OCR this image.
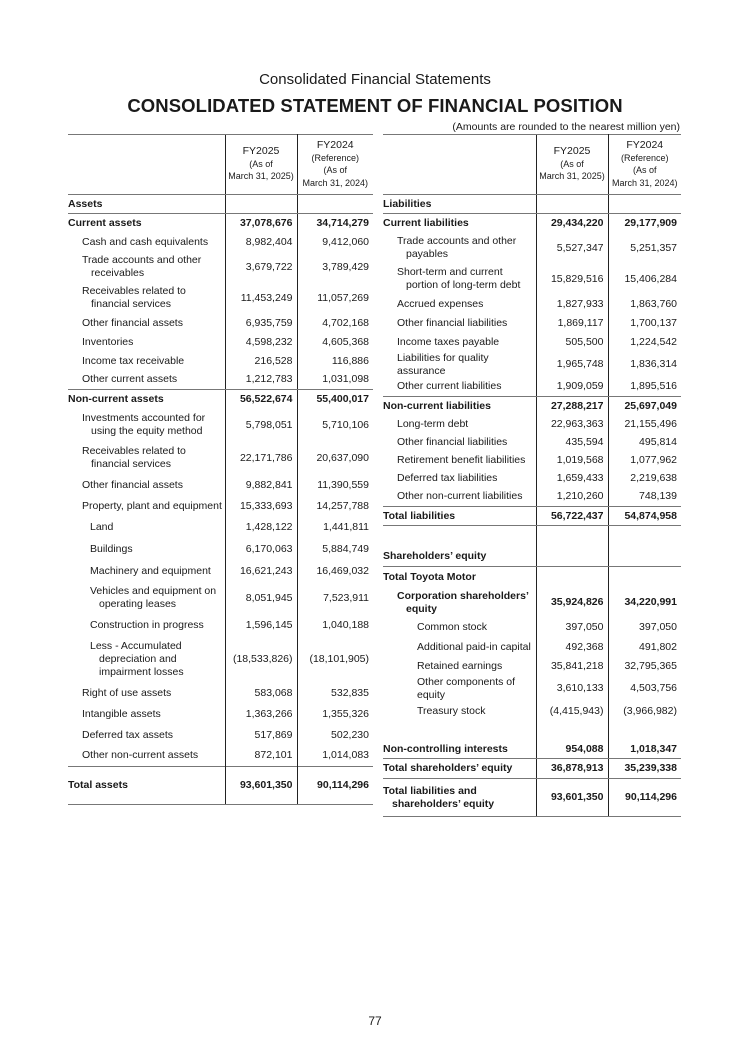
Consolidated Financial Statements
CONSOLIDATED STATEMENT OF FINANCIAL POSITION
(Amounts are rounded to the nearest million yen)

	FY2025
(As of
March 31, 2025)	FY2024
(Reference)
(As of
March 31, 2024)

Assets		
Current assets	37,078,676	34,714,279
Cash and cash equivalents	8,982,404	9,412,060

Trade accounts and other receivables	3,679,722	3,789,429

Receivables related to financial services	11,453,249	11,057,269
Other financial assets	6,935,759	4,702,168
Inventories	4,598,232	4,605,368
Income tax receivable	216,528	116,886
Other current assets	1,212,783	1,031,098
Non-current assets	56,522,674	55,400,017

Investments accounted for using the equity method	5,798,051	5,710,106

Receivables related to financial services	22,171,786	20,637,090
Other financial assets	9,882,841	11,390,559
Property, plant and equipment	15,333,693	14,257,788
Land	1,428,122	1,441,811
Buildings	6,170,063	5,884,749
Machinery and equipment	16,621,243	16,469,032

Vehicles and equipment on operating leases	8,051,945	7,523,911
Construction in progress	1,596,145	1,040,188

Less - Accumulated depreciation and impairment losses	(18,533,826)	(18,101,905)
Right of use assets	583,068	532,835
Intangible assets	1,363,266	1,355,326
Deferred tax assets	517,869	502,230
Other non-current assets	872,101	1,014,083
Total assets	93,601,350	90,114,296

	FY2025
(As of
March 31, 2025)	FY2024
(Reference)
(As of
March 31, 2024)

Liabilities		
Current liabilities	29,434,220	29,177,909

Trade accounts and other payables	5,527,347	5,251,357

Short-term and current portion of long-term debt	15,829,516	15,406,284
Accrued expenses	1,827,933	1,863,760
Other financial liabilities	1,869,117	1,700,137
Income taxes payable	505,500	1,224,542
Liabilities for quality assurance	1,965,748	1,836,314
Other current liabilities	1,909,059	1,895,516
Non-current liabilities	27,288,217	25,697,049
Long-term debt	22,963,363	21,155,496
Other financial liabilities	435,594	495,814
Retirement benefit liabilities	1,019,568	1,077,962
Deferred tax liabilities	1,659,433	2,219,638
Other non-current liabilities	1,210,260	748,139
Total liabilities	56,722,437	54,874,958

Shareholders’ equity		
Total Toyota Motor		

Corporation shareholders’ equity	35,924,826	34,220,991
Common stock	397,050	397,050
Additional paid-in capital	492,368	491,802
Retained earnings	35,841,218	32,795,365
Other components of equity	3,610,133	4,503,756
Treasury stock	(4,415,943)	(3,966,982)

Non-controlling interests	954,088	1,018,347
Total shareholders’ equity	36,878,913	35,239,338

Total liabilities and shareholders’ equity	93,601,350	90,114,296
77
